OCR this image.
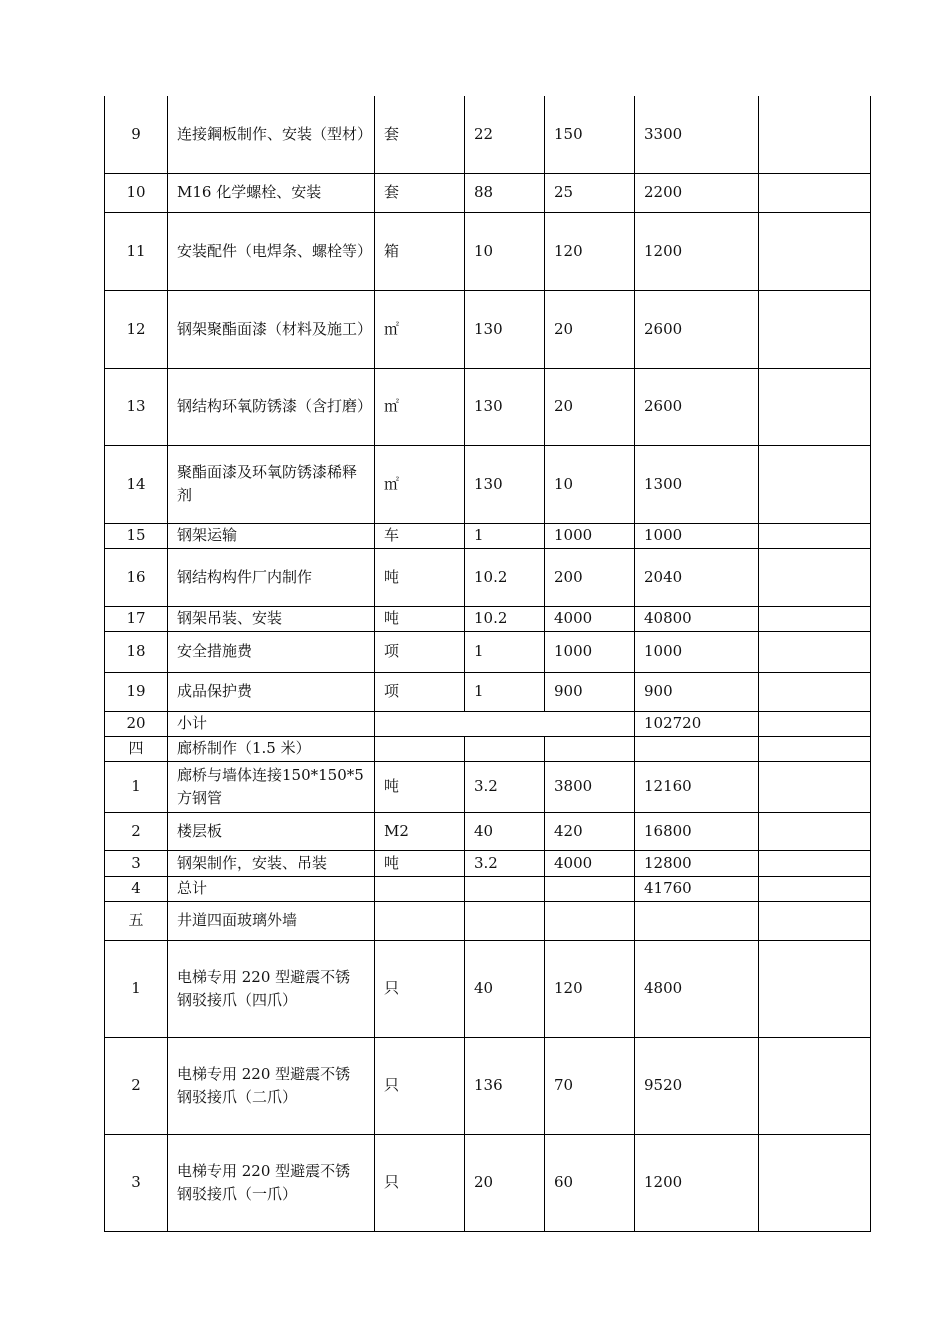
9	连接鋼板制作、安装（型材）	套	22	150	3300	
10	M16 化学螺栓、安装	套	88	25	2200	
11	安装配件（电焊条、螺栓等）	箱	10	120	1200	
12	钢架聚酯面漆（材料及施工）	㎡	130	20	2600	
13	钢结构环氧防锈漆（含打磨）	㎡	130	20	2600	
14	聚酯面漆及环氧防锈漆稀释剂	㎡	130	10	1300	
15	钢架运输	车	1	1000	1000	
16	钢结构构件厂内制作	吨	10.2	200	2040	
17	钢架吊装、安装	吨	10.2	4000	40800	
18	安全措施费	项	1	1000	1000	
19	成品保护费	项	1	900	900	
20	小计				102720	
四	廊桥制作（1.5 米）					
1	廊桥与墙体连接150*150*5 方钢管	吨	3.2	3800	12160	
2	楼层板	M2	40	420	16800	
3	钢架制作，安装、吊装	吨	3.2	4000	12800	
4	总计				41760	
五	井道四面玻璃外墙					
1	电梯专用 220 型避震不锈钢驳接爪（四爪）	只	40	120	4800	
2	电梯专用 220 型避震不锈钢驳接爪（二爪）	只	136	70	9520	
3	电梯专用 220 型避震不锈钢驳接爪（一爪）	只	20	60	1200	
